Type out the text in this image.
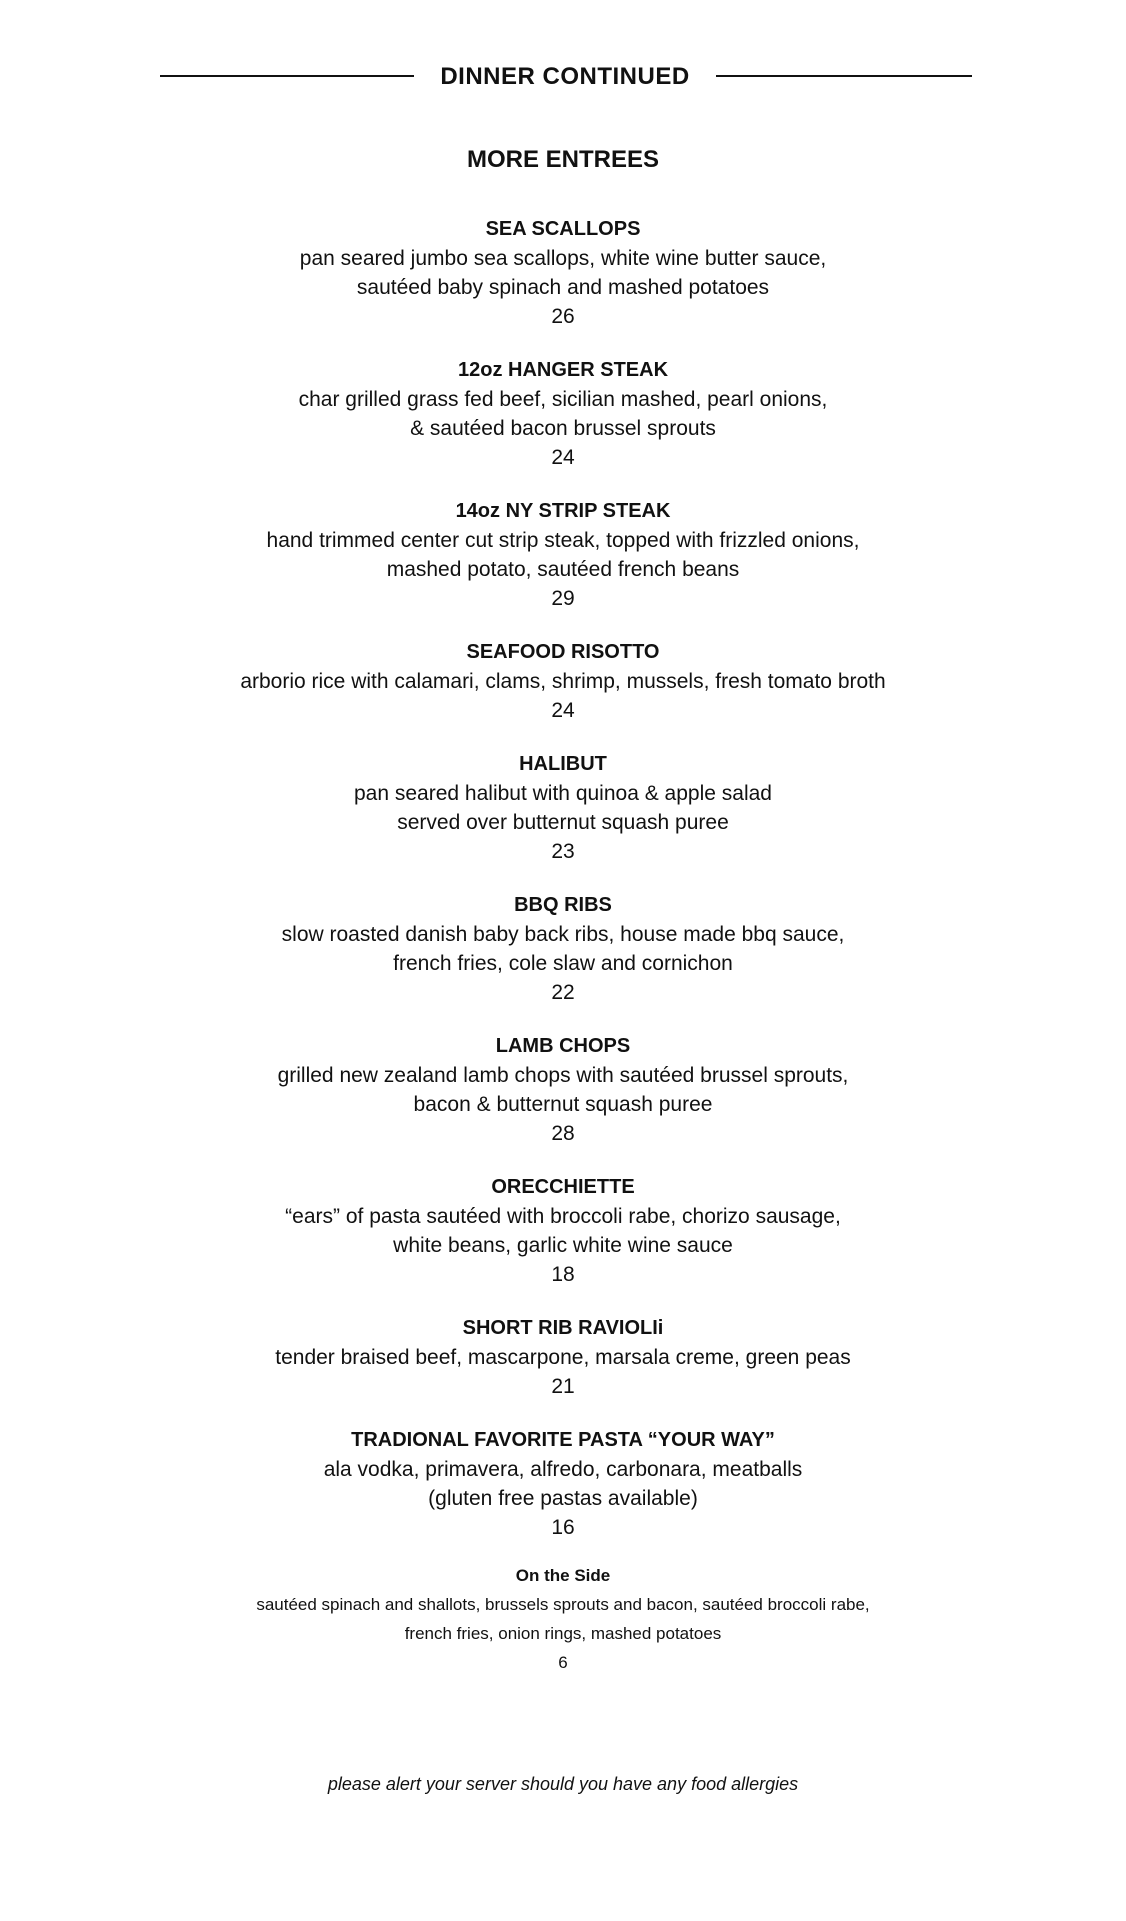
DINNER CONTINUED
MORE ENTREES
SEA SCALLOPS
pan seared jumbo sea scallops, white wine butter sauce,
sautéed baby spinach and mashed potatoes
26
12oz HANGER STEAK
char grilled grass fed beef, sicilian mashed, pearl onions,
& sautéed bacon brussel sprouts
24
14oz NY STRIP STEAK
hand trimmed center cut strip steak, topped with frizzled onions,
mashed potato, sautéed french beans
29
SEAFOOD RISOTTO
arborio rice with calamari, clams, shrimp, mussels, fresh tomato broth
24
HALIBUT
pan seared halibut with quinoa & apple salad
served over butternut squash puree
23
BBQ RIBS
slow roasted danish baby back ribs, house made bbq sauce,
french fries, cole slaw and cornichon
22
LAMB CHOPS
grilled new zealand lamb chops with sautéed brussel sprouts,
bacon & butternut squash puree
28
ORECCHIETTE
“ears” of pasta sautéed with broccoli rabe, chorizo sausage,
white beans, garlic white wine sauce
18
SHORT RIB RAVIOLIi
tender braised beef, mascarpone, marsala creme, green peas
21
TRADIONAL FAVORITE PASTA “YOUR WAY”
ala vodka, primavera, alfredo, carbonara, meatballs
(gluten free pastas available)
16
On the Side
sautéed spinach and shallots, brussels sprouts and bacon, sautéed broccoli rabe,
french fries, onion rings, mashed potatoes
6
please alert your server should you have any food allergies
